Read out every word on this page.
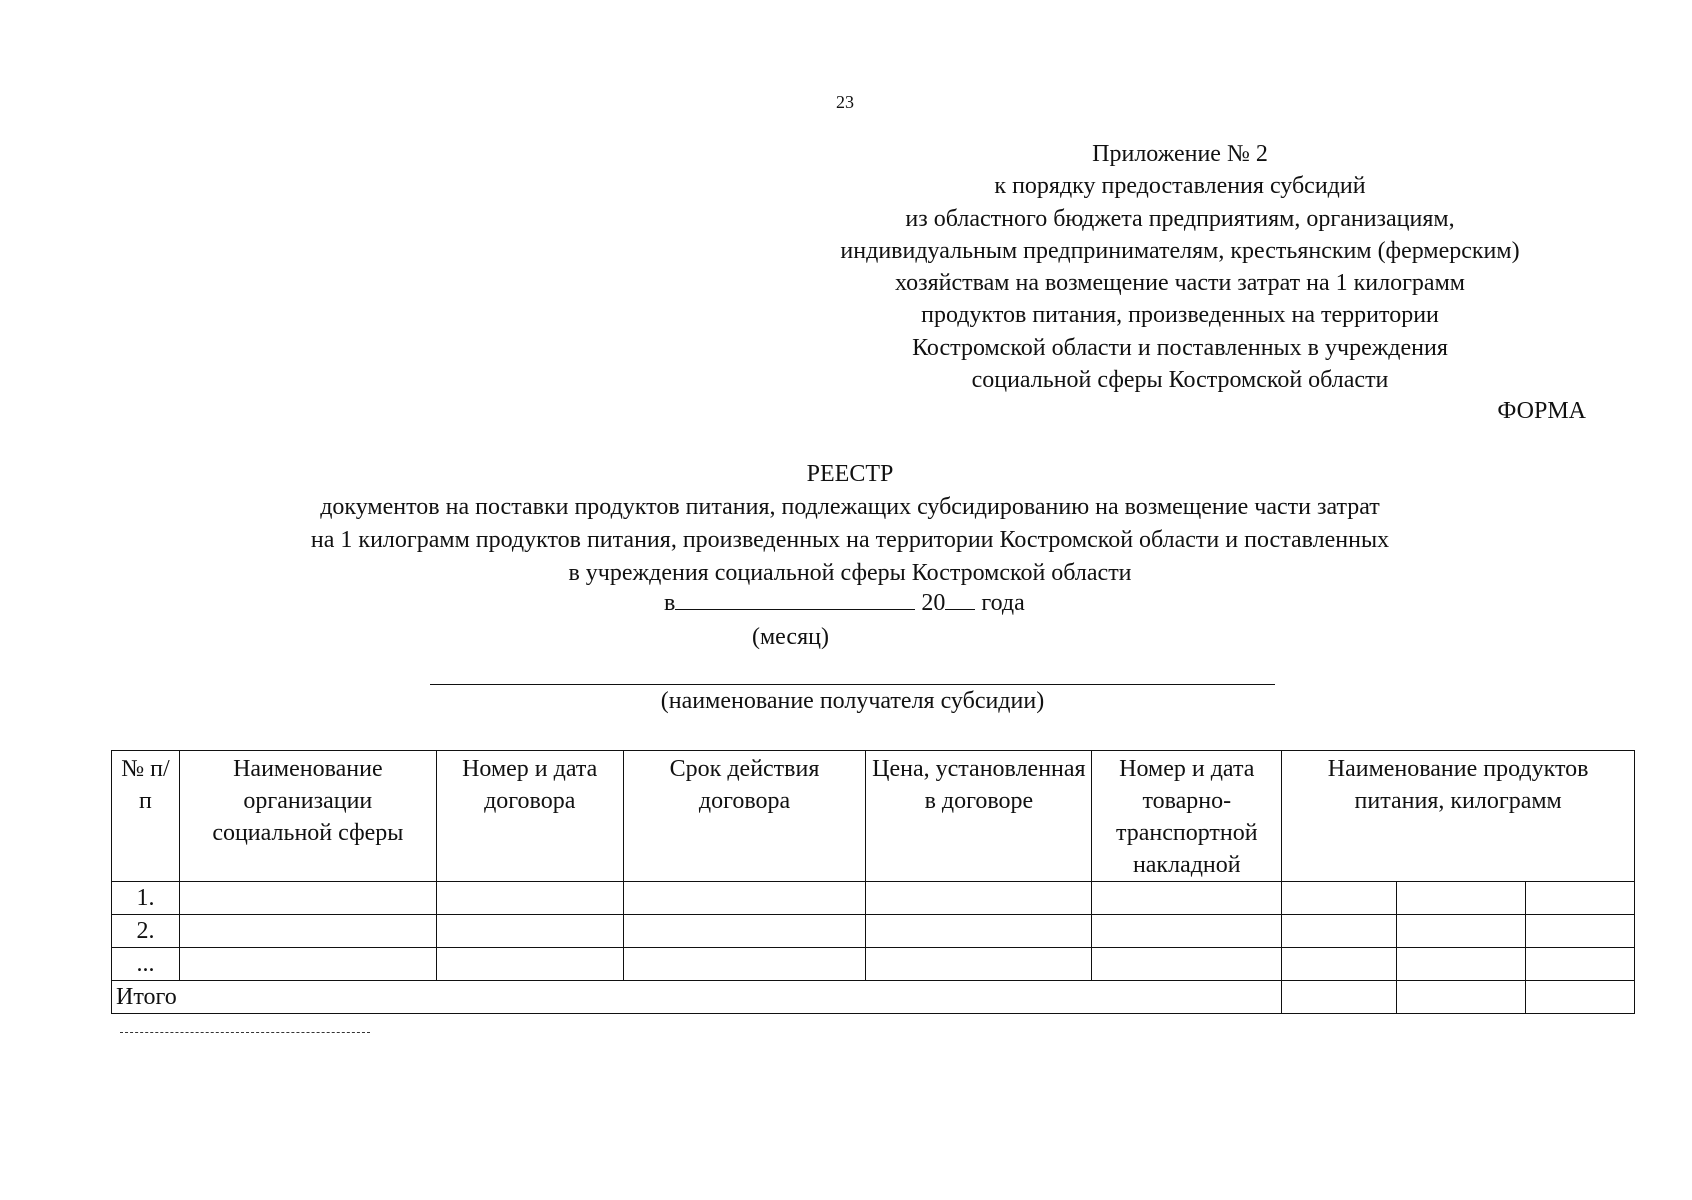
23
Приложение № 2
к порядку предоставления субсидий
из областного бюджета предприятиям, организациям,
индивидуальным предпринимателям, крестьянским (фермерским)
хозяйствам на возмещение части затрат на 1 килограмм
продуктов питания, произведенных на территории
Костромской области и поставленных в учреждения
социальной сферы Костромской области
ФОРМА
РЕЕСТР
документов на поставки продуктов питания, подлежащих субсидированию на возмещение части затрат
на 1 килограмм продуктов питания, произведенных на территории Костромской области и поставленных
в учреждения социальной сферы Костромской области
в	20 года
(месяц)
(наименование получателя субсидии)
№ п/п	Наименование организации социальной сферы	Номер и дата договора	Срок действия договора	Цена, установленная в договоре	Номер и дата товарно-транспортной накладной	Наименование продуктов питания, килограмм		
1.								
2.								
...								
Итого								
